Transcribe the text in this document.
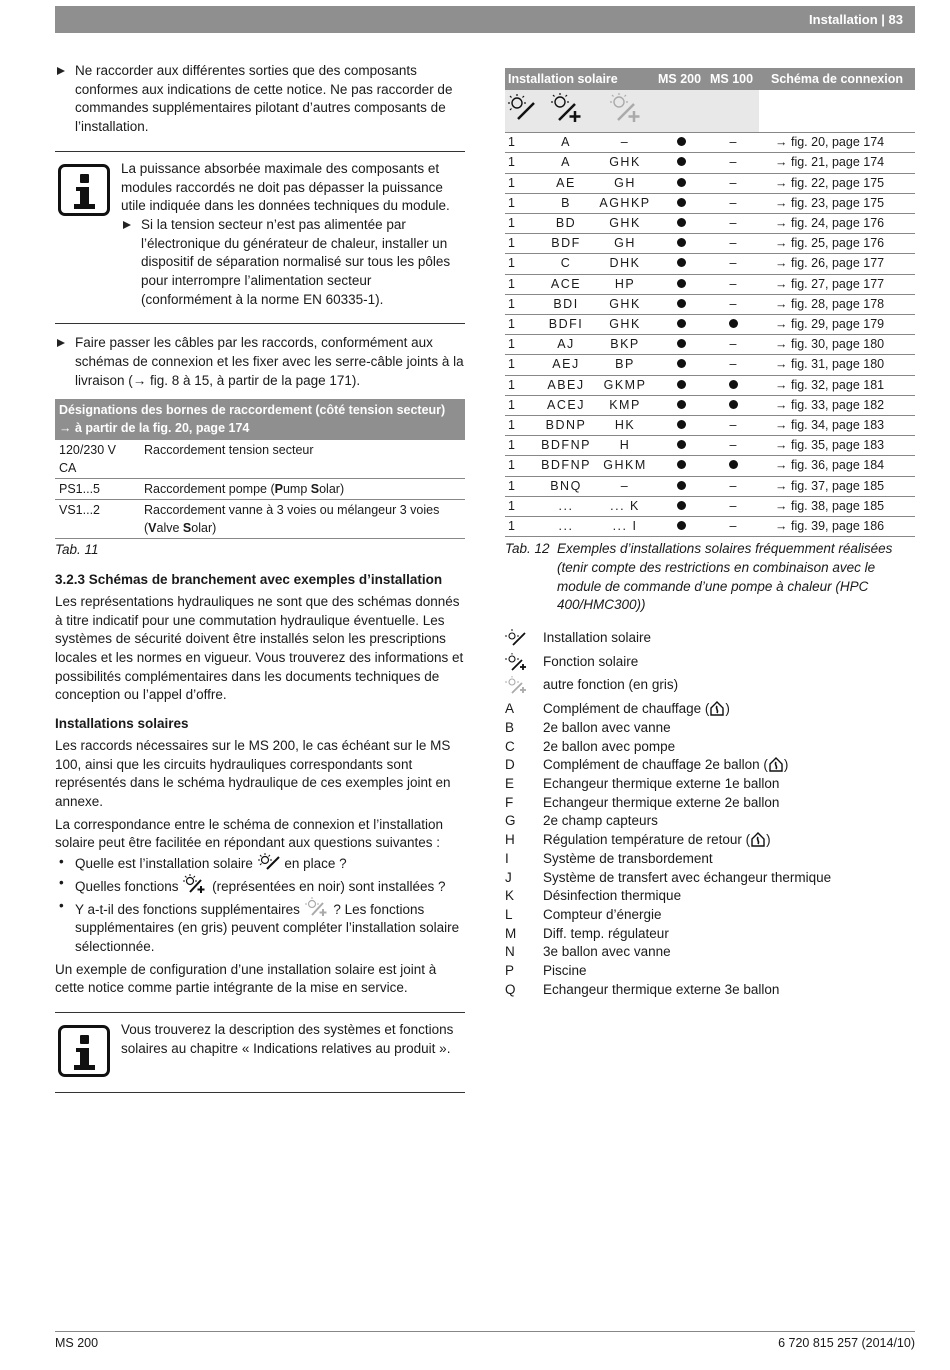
Installation | 83
Ne raccorder aux différentes sorties que des composants conformes aux indications de cette notice. Ne pas raccorder de commandes supplémentaires pilotant d’autres composants de l’installation.
La puissance absorbée maximale des composants et modules raccordés ne doit pas dépasser la puissance utile indiquée dans les données techniques du module.
Si la tension secteur n’est pas alimentée par l’électronique du générateur de chaleur, installer un dispositif de séparation normalisé sur tous les pôles pour interrompre l’alimentation secteur (conformément à la norme EN 60335-1).
Faire passer les câbles par les raccords, conformément aux schémas de connexion et les fixer avec les serre-câble joints à la livraison (→ fig. 8 à 15, à partir de la page 171).
Désignations des bornes de raccordement (côté tension secteur)
→ à partir de la fig. 20, page 174	
120/230 V CA	Raccordement tension secteur
PS1...5	Raccordement pompe (Pump Solar)
VS1...2	Raccordement vanne à 3 voies ou mélangeur 3 voies (Valve Solar)
Tab. 11
3.2.3 Schémas de branchement avec exemples d’installation

Les représentations hydrauliques ne sont que des schémas donnés à titre indicatif pour une commutation hydraulique éventuelle. Les systèmes de sécurité doivent être installés selon les prescriptions locales et les normes en vigueur. Vous trouverez des informations et possibilités complémentaires dans les documents techniques de conception ou l’appel d’offre.

Installations solaires

Les raccords nécessaires sur le MS 200, le cas échéant sur le MS 100, ainsi que les circuits hydrauliques correspondants sont représentés dans le schéma hydraulique de ces exemples joint en annexe.

La correspondance entre le schéma de connexion et l’installation solaire peut être facilitée en répondant aux questions suivantes :

• Quelle est l’installation solaire en place ?
• Quelles fonctions (représentées en noir) sont installées ?
• Y a-t-il des fonctions supplémentaires ? Les fonctions supplémentaires (en gris) peuvent compléter l’installation solaire sélectionnée.

Un exemple de configuration d’une installation solaire est joint à cette notice comme partie intégrante de la mise en service.

Vous trouverez la description des systèmes et fonctions solaires au chapitre « Indications relatives au produit ».
Installation solaire			MS 200	MS 100	Schéma de connexion

1	A	–		–	→ fig. 20, page 174
1	A	GHK		–	→ fig. 21, page 174
1	AE	GH		–	→ fig. 22, page 175
1	B	AGHKP		–	→ fig. 23, page 175
1	BD	GHK		–	→ fig. 24, page 176
1	BDF	GH		–	→ fig. 25, page 176
1	C	DHK		–	→ fig. 26, page 177
1	ACE	HP		–	→ fig. 27, page 177
1	BDI	GHK		–	→ fig. 28, page 178
1	BDFI	GHK			→ fig. 29, page 179
1	AJ	BKP		–	→ fig. 30, page 180
1	AEJ	BP		–	→ fig. 31, page 180
1	ABEJ	GKMP			→ fig. 32, page 181
1	ACEJ	KMP			→ fig. 33, page 182
1	BDNP	HK		–	→ fig. 34, page 183
1	BDFNP	H		–	→ fig. 35, page 183
1	BDFNP	GHKM			→ fig. 36, page 184
1	BNQ	–		–	→ fig. 37, page 185
1	...	... K		–	→ fig. 38, page 185
1	...	... I		–	→ fig. 39, page 186
Tab. 12 Exemples d’installations solaires fréquemment réalisées (tenir compte des restrictions en combinaison avec le module de commande d’une pompe à chaleur (HPC 400/HMC300))
Installation solaire
Fonction solaire
autre fonction (en gris)
A	Complément de chauffage ( )
B	2e ballon avec vanne
C	2e ballon avec pompe
D	Complément de chauffage 2e ballon ( )
E	Echangeur thermique externe 1e ballon
F	Echangeur thermique externe 2e ballon
G	2e champ capteurs
H	Régulation température de retour ( )
I	Système de transbordement
J	Système de transfert avec échangeur thermique
K	Désinfection thermique
L	Compteur d’énergie
M	Diff. temp. régulateur
N	3e ballon avec vanne
P	Piscine
Q	Echangeur thermique externe 3e ballon
MS 200	6 720 815 257 (2014/10)
